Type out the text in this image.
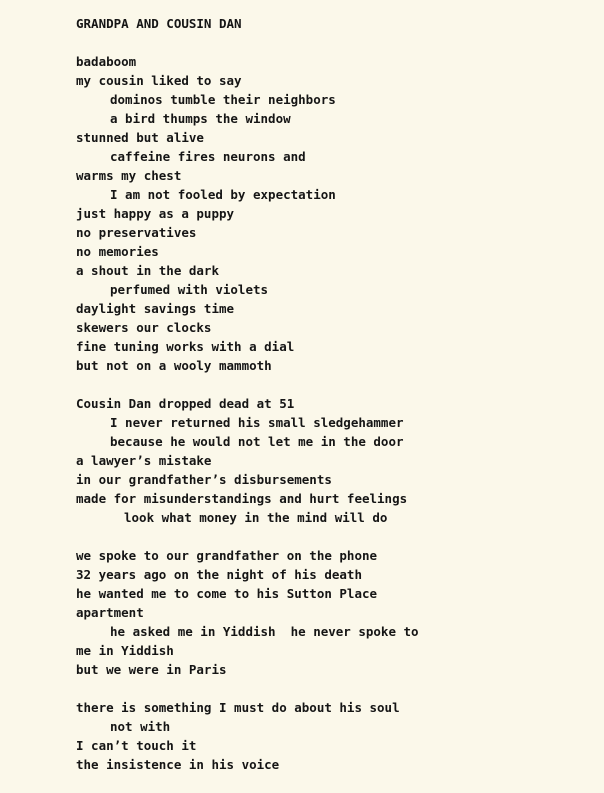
GRANDPA AND COUSIN DAN
badaboom
my cousin liked to say
dominos tumble their neighbors
a bird thumps the window
stunned but alive
caffeine fires neurons and
warms my chest
I am not fooled by expectation
just happy as a puppy
no preservatives
no memories
a shout in the dark
perfumed with violets
daylight savings time
skewers our clocks
fine tuning works with a dial
but not on a wooly mammoth
Cousin Dan dropped dead at 51
I never returned his small sledgehammer
because he would not let me in the door
a lawyer’s mistake
in our grandfather’s disbursements
made for misunderstandings and hurt feelings
look what money in the mind will do
we spoke to our grandfather on the phone
32 years ago on the night of his death
he wanted me to come to his Sutton Place
apartment
he asked me in Yiddish  he never spoke to
me in Yiddish
but we were in Paris
there is something I must do about his soul
not with
I can’t touch it
the insistence in his voice
